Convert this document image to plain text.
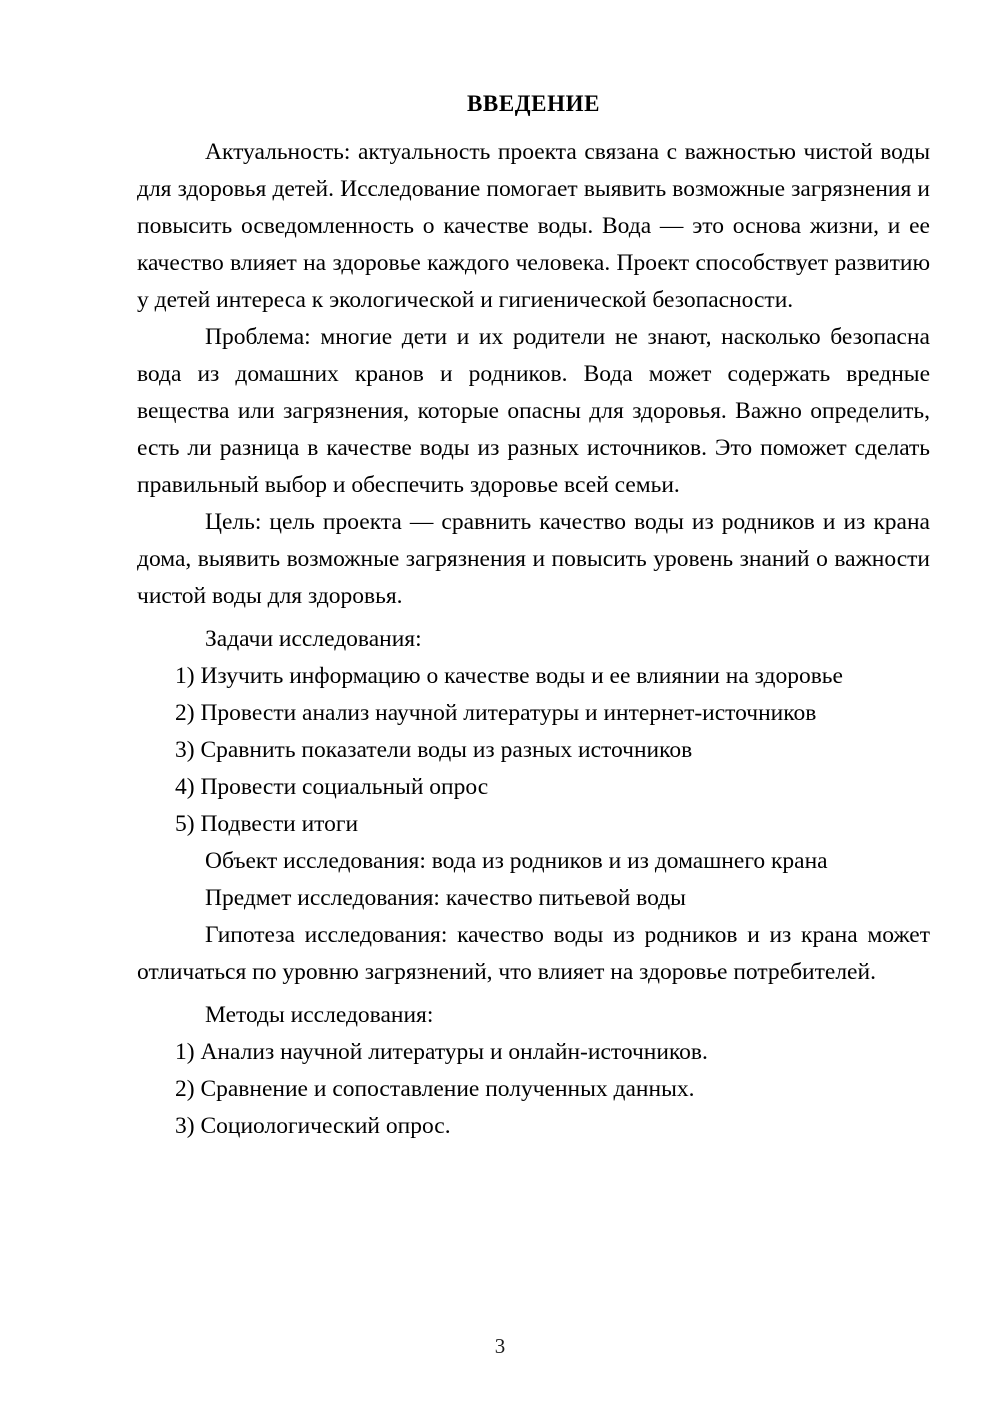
ВВЕДЕНИЕ

Актуальность: актуальность проекта связана с важностью чистой воды для здоровья детей. Исследование помогает выявить возможные загрязнения и повысить осведомленность о качестве воды. Вода — это основа жизни, и ее качество влияет на здоровье каждого человека. Проект способствует развитию у детей интереса к экологической и гигиенической безопасности.

Проблема: многие дети и их родители не знают, насколько безопасна вода из домашних кранов и родников. Вода может содержать вредные вещества или загрязнения, которые опасны для здоровья. Важно определить, есть ли разница в качестве воды из разных источников. Это поможет сделать правильный выбор и обеспечить здоровье всей семьи.

Цель: цель проекта — сравнить качество воды из родников и из крана дома, выявить возможные загрязнения и повысить уровень знаний о важности чистой воды для здоровья.

Задачи исследования:

1) Изучить информацию о качестве воды и ее влиянии на здоровье

2) Провести анализ научной литературы и интернет-источников

3) Сравнить показатели воды из разных источников

4) Провести социальный опрос

5) Подвести итоги

Объект исследования: вода из родников и из домашнего крана

Предмет исследования: качество питьевой воды

Гипотеза исследования: качество воды из родников и из крана может отличаться по уровню загрязнений, что влияет на здоровье потребителей.

Методы исследования:

1) Анализ научной литературы и онлайн-источников.

2) Сравнение и сопоставление полученных данных.

3) Социологический опрос.

3
